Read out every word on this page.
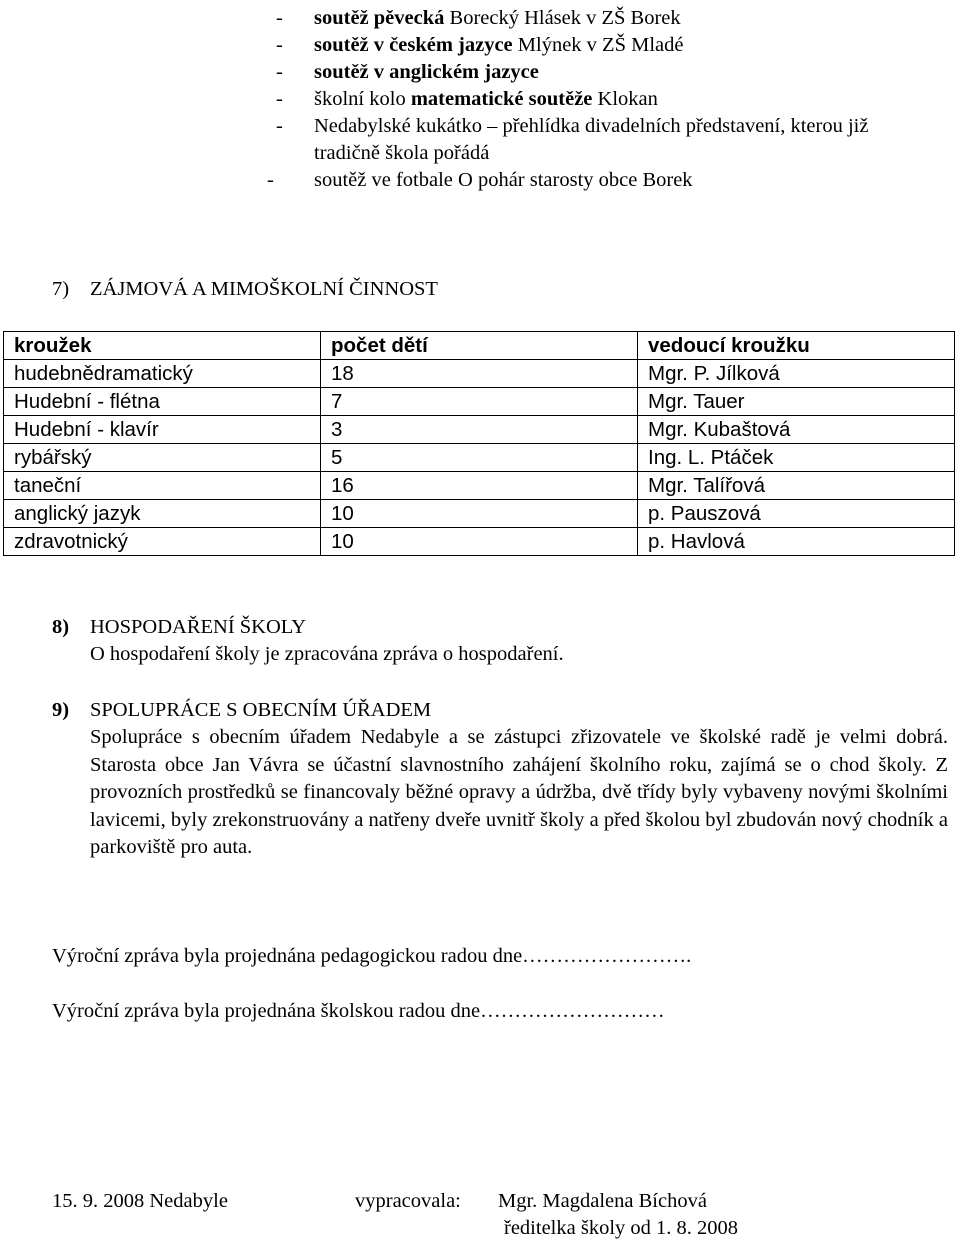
- soutěž pěvecká Borecký Hlásek v ZŠ Borek
- soutěž v českém jazyce Mlýnek v ZŠ Mladé
- soutěž v anglickém jazyce
- školní kolo matematické soutěže Klokan
- Nedabylské kukátko – přehlídka divadelních představení, kterou již tradičně škola pořádá
- soutěž ve fotbale O pohár starosty obce Borek
7) ZÁJMOVÁ A MIMOŠKOLNÍ ČINNOST
kroužek	počet dětí	vedoucí kroužku
hudebnědramatický	18	Mgr. P. Jílková
Hudební - flétna	7	Mgr. Tauer
Hudební - klavír	3	Mgr. Kubaštová
rybářský	5	Ing. L. Ptáček
taneční	16	Mgr. Talířová
anglický jazyk	10	p. Pauszová
zdravotnický	10	p. Havlová
8) HOSPODAŘENÍ ŠKOLY
O hospodaření školy je zpracována zpráva o hospodaření.
9) SPOLUPRÁCE S OBECNÍM ÚŘADEM
Spolupráce s obecním úřadem Nedabyle a se zástupci zřizovatele ve školské radě je velmi dobrá. Starosta obce Jan Vávra se účastní slavnostního zahájení školního roku, zajímá se o chod školy. Z provozních prostředků se financovaly běžné opravy a údržba, dvě třídy byly vybaveny novými školními lavicemi, byly zrekonstruovány a natřeny dveře uvnitř školy a před školou byl zbudován nový chodník a parkoviště pro auta.
Výroční zpráva byla projednána pedagogickou radou dne…………………….
Výroční zpráva byla projednána školskou radou dne………………………
15. 9. 2008 Nedabyle	vypracovala: Mgr. Magdalena Bíchová
ředitelka školy od 1. 8. 2008
